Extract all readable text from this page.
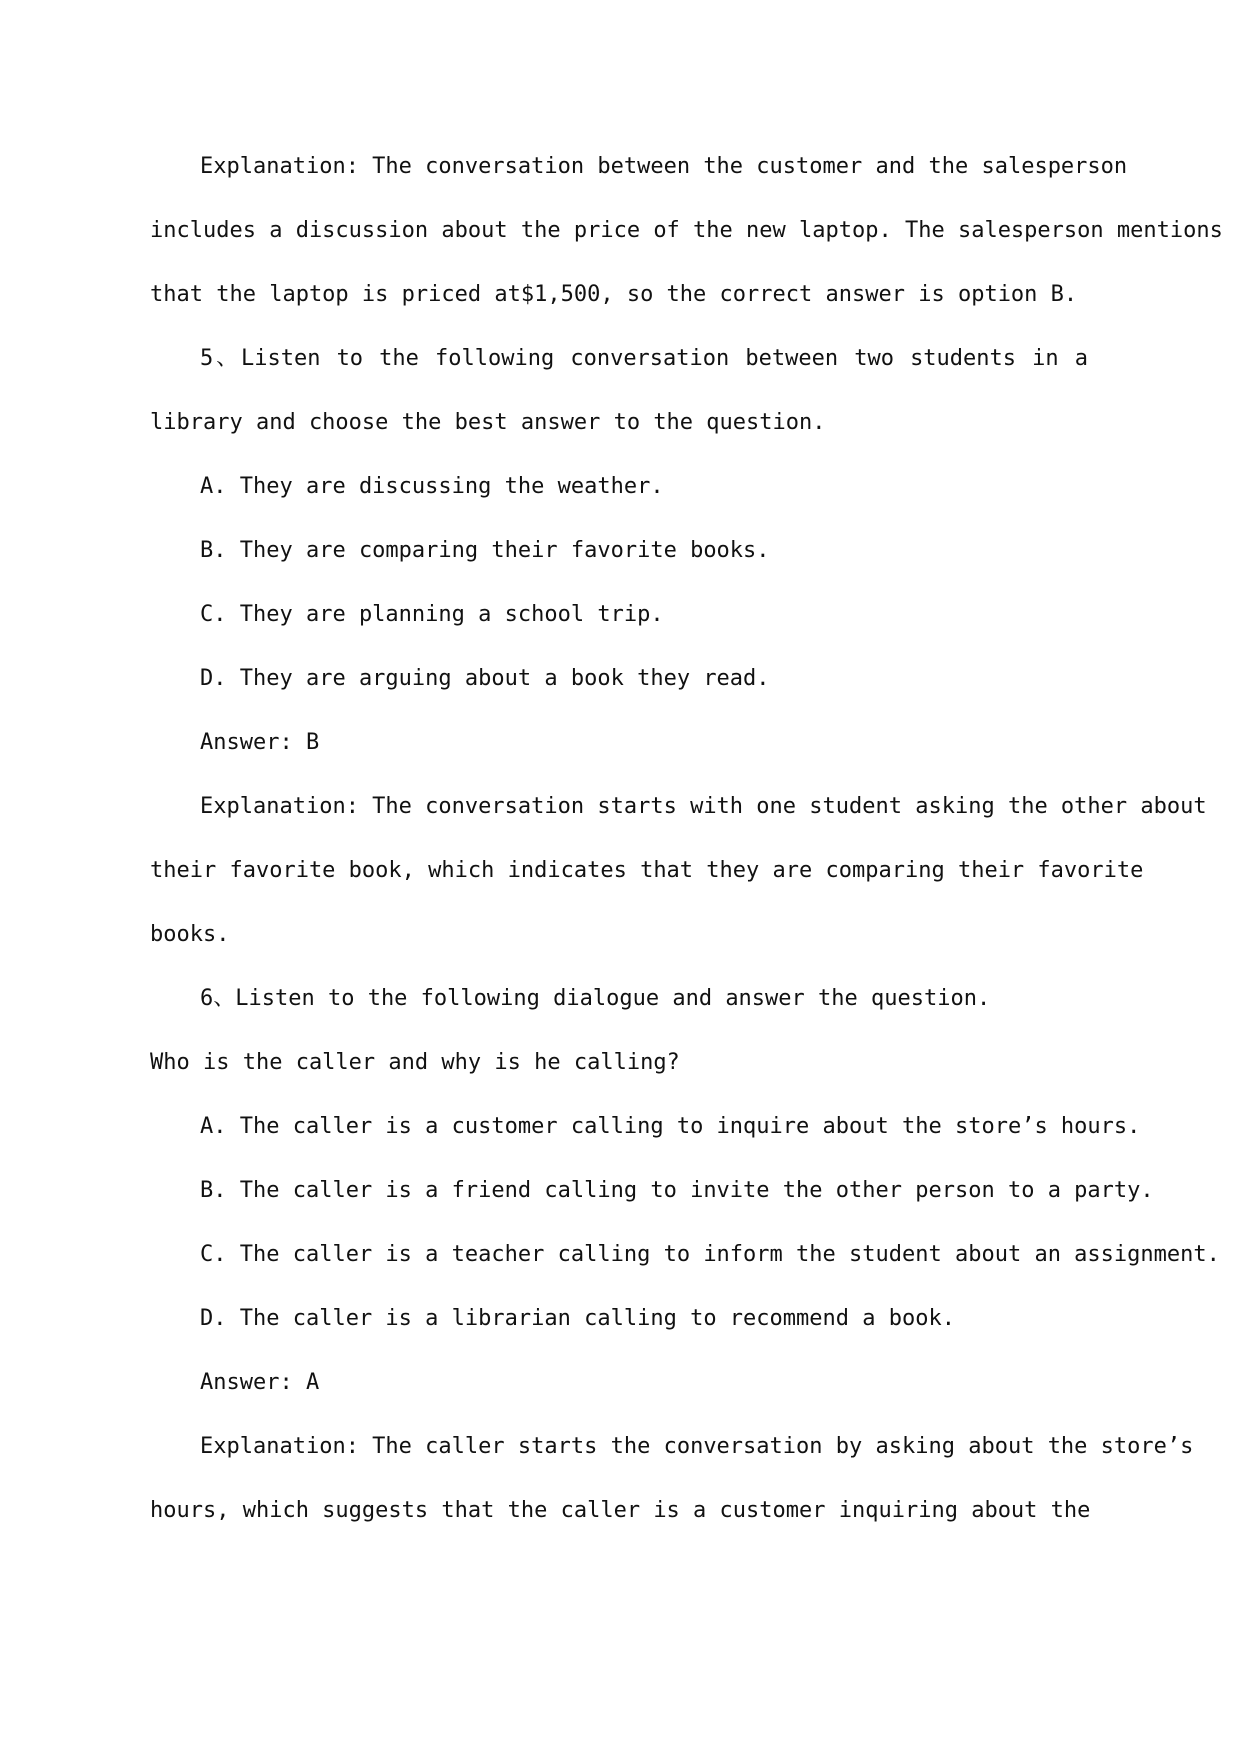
Explanation: The conversation between the customer and the salesperson
includes a discussion about the price of the new laptop. The salesperson mentions
that the laptop is priced at$1,500, so the correct answer is option B.
5、Listen to the following conversation between two students in a
library and choose the best answer to the question.
A. They are discussing the weather.
B. They are comparing their favorite books.
C. They are planning a school trip.
D. They are arguing about a book they read.
Answer: B
Explanation: The conversation starts with one student asking the other about
their favorite book, which indicates that they are comparing their favorite
books.
6、Listen to the following dialogue and answer the question.
Who is the caller and why is he calling?
A. The caller is a customer calling to inquire about the store’s hours.
B. The caller is a friend calling to invite the other person to a party.
C. The caller is a teacher calling to inform the student about an assignment.
D. The caller is a librarian calling to recommend a book.
Answer: A
Explanation: The caller starts the conversation by asking about the store’s
hours, which suggests that the caller is a customer inquiring about the
